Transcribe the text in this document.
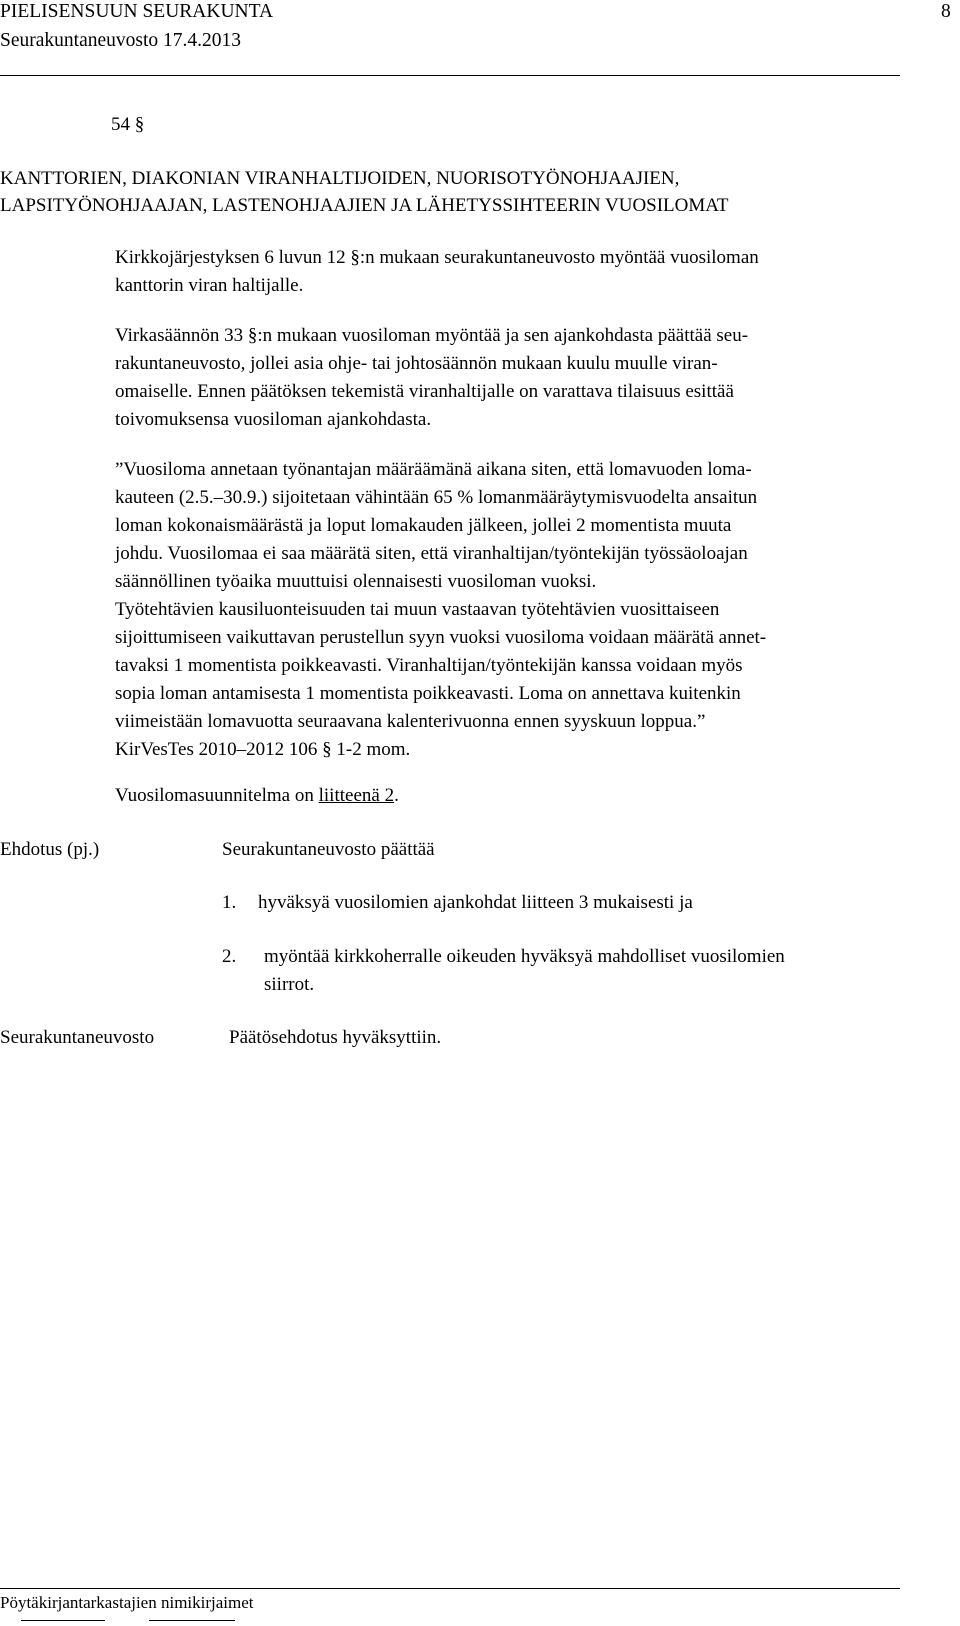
PIELISENSUUN SEURAKUNTA	8
Seurakuntaneuvosto 17.4.2013
54 §
KANTTORIEN, DIAKONIAN VIRANHALTIJOIDEN, NUORISOTYÖNOHJAAJIEN,
LAPSITYÖNOHJAAJAN, LASTENOHJAAJIEN JA LÄHETYSSIHTEERIN VUOSILOMAT
Kirkkojärjestyksen 6 luvun 12 §:n mukaan seurakuntaneuvosto myöntää vuosiloman
kanttorin viran haltijalle.
Virkasäännön 33 §:n mukaan vuosiloman myöntää ja sen ajankohdasta päättää seu-
rakuntaneuvosto, jollei asia ohje- tai johtosäännön mukaan kuulu muulle viran-
omaiselle. Ennen päätöksen tekemistä viranhaltijalle on varattava tilaisuus esittää
toivomuksensa vuosiloman ajankohdasta.
”Vuosiloma annetaan työnantajan määräämänä aikana siten, että lomavuoden loma-
kauteen (2.5.–30.9.) sijoitetaan vähintään 65 % lomanmääräytymisvuodelta ansaitun
loman kokonaismäärästä ja loput lomakauden jälkeen, jollei 2 momentista muuta
johdu. Vuosilomaa ei saa määrätä siten, että viranhaltijan/työntekijän työssäoloajan
säännöllinen työaika muuttuisi olennaisesti vuosiloman vuoksi.
Työtehtävien kausiluonteisuuden tai muun vastaavan työtehtävien vuosittaiseen
sijoittumiseen vaikuttavan perustellun syyn vuoksi vuosiloma voidaan määrätä annet-
tavaksi 1 momentista poikkeavasti. Viranhaltijan/työntekijän kanssa voidaan myös
sopia loman antamisesta 1 momentista poikkeavasti. Loma on annettava kuitenkin
viimeistään lomavuotta seuraavana kalenterivuonna ennen syyskuun loppua.”
KirVesTes 2010–2012 106 § 1-2 mom.
Vuosilomasuunnitelma on liitteenä 2.
Ehdotus (pj.)	Seurakuntaneuvosto päättää
1. hyväksyä vuosilomien ajankohdat liitteen 3 mukaisesti ja
2. myöntää kirkkoherralle oikeuden hyväksyä mahdolliset vuosilomien
siirrot.
Seurakuntaneuvosto	Päätösehdotus hyväksyttiin.
Pöytäkirjantarkastajien nimikirjaimet
